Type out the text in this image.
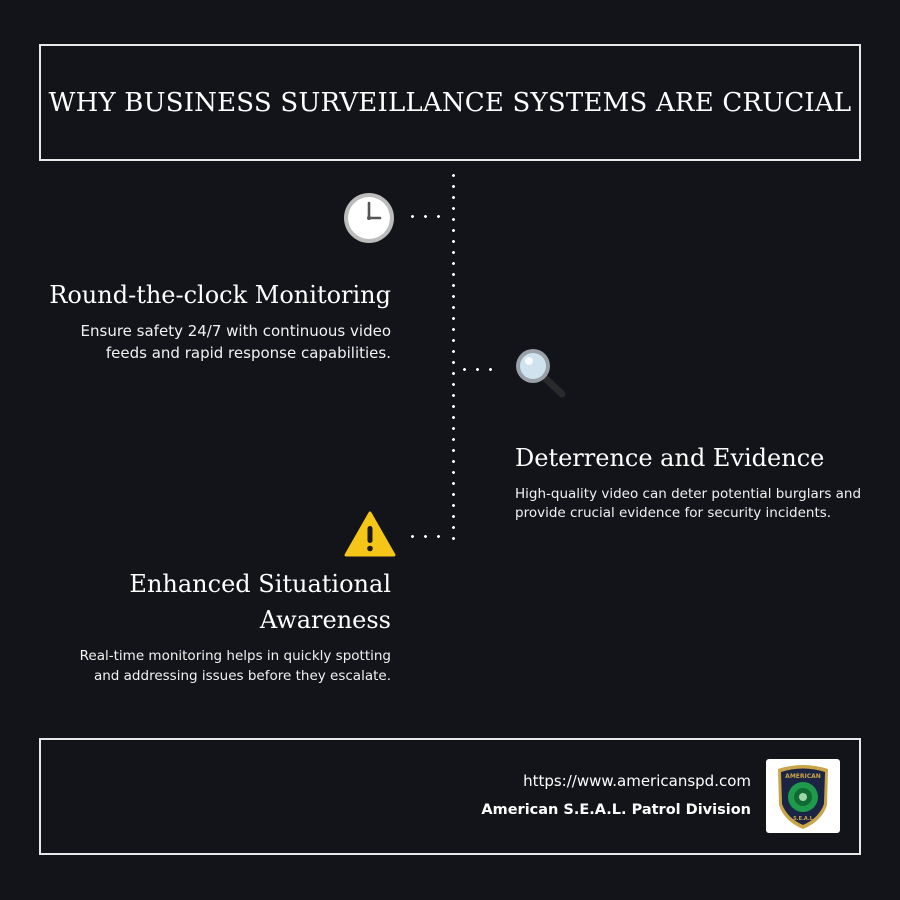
WHY BUSINESS SURVEILLANCE SYSTEMS ARE CRUCIAL
Round-the-clock Monitoring
Ensure safety 24/7 with continuous video
feeds and rapid response capabilities.
Deterrence and Evidence
High-quality video can deter potential burglars and
provide crucial evidence for security incidents.
Enhanced Situational
Awareness
Real-time monitoring helps in quickly spotting
and addressing issues before they escalate.
https://www.americanspd.com
American S.E.A.L. Patrol Division
AMERICAN
S.E.A.L
